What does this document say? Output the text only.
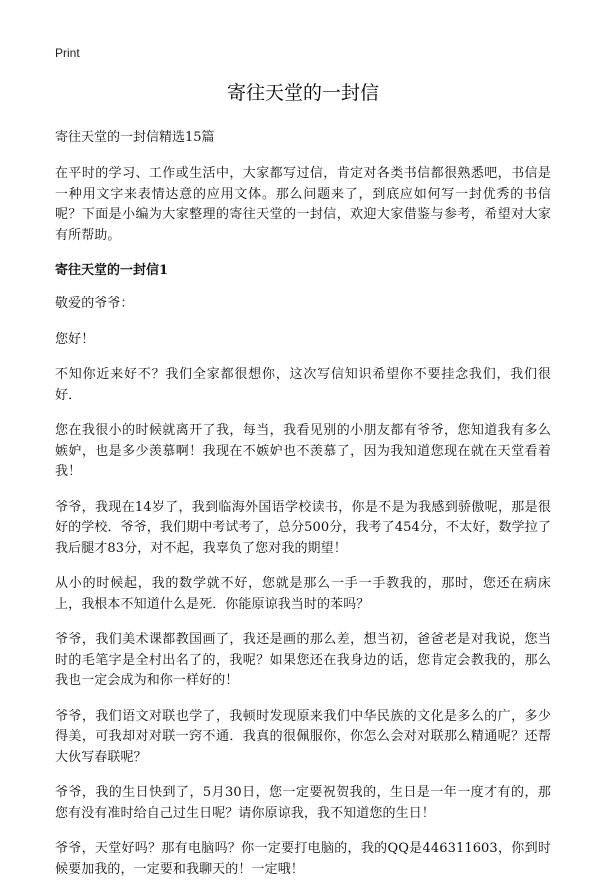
Print
寄往天堂的一封信
寄往天堂的一封信精选15篇

在平时的学习、工作或生活中，大家都写过信，肯定对各类书信都很熟悉吧，书信是一种用文字来表情达意的应用文体。那么问题来了，到底应如何写一封优秀的书信呢？下面是小编为大家整理的寄往天堂的一封信，欢迎大家借鉴与参考，希望对大家有所帮助。

寄往天堂的一封信1

敬爱的爷爷：

您好！

不知你近来好不？我们全家都很想你，这次写信知识希望你不要挂念我们，我们很好．

您在我很小的时候就离开了我，每当，我看见别的小朋友都有爷爷，您知道我有多么嫉妒，也是多少羡慕啊！我现在不嫉妒也不羡慕了，因为我知道您现在就在天堂看着我！

爷爷，我现在14岁了，我到临海外国语学校读书，你是不是为我感到骄傲呢，那是很好的学校．爷爷，我们期中考试考了，总分500分，我考了454分，不太好，数学拉了我后腿才83分，对不起，我辜负了您对我的期望！

从小的时候起，我的数学就不好，您就是那么一手一手教我的，那时，您还在病床上，我根本不知道什么是死．你能原谅我当时的苯吗？

爷爷，我们美术课都教国画了，我还是画的那么差，想当初，爸爸老是对我说，您当时的毛笔字是全村出名了的，我呢？如果您还在我身边的话，您肯定会教我的，那么我也一定会成为和你一样好的！

爷爷，我们语文对联也学了，我顿时发现原来我们中华民族的文化是多么的广，多少得美，可我却对对联一窍不通．我真的很佩服你，你怎么会对对联那么精通呢？还帮大伙写春联呢？

爷爷，我的生日快到了，5月30日，您一定要祝贺我的，生日是一年一度才有的，那您有没有准时给自己过生日呢？请你原谅我，我不知道您的生日！

爷爷，天堂好吗？那有电脑吗？你一定要打电脑的，我的QQ是446311603，你到时候要加我的，一定要和我聊天的！一定哦！
